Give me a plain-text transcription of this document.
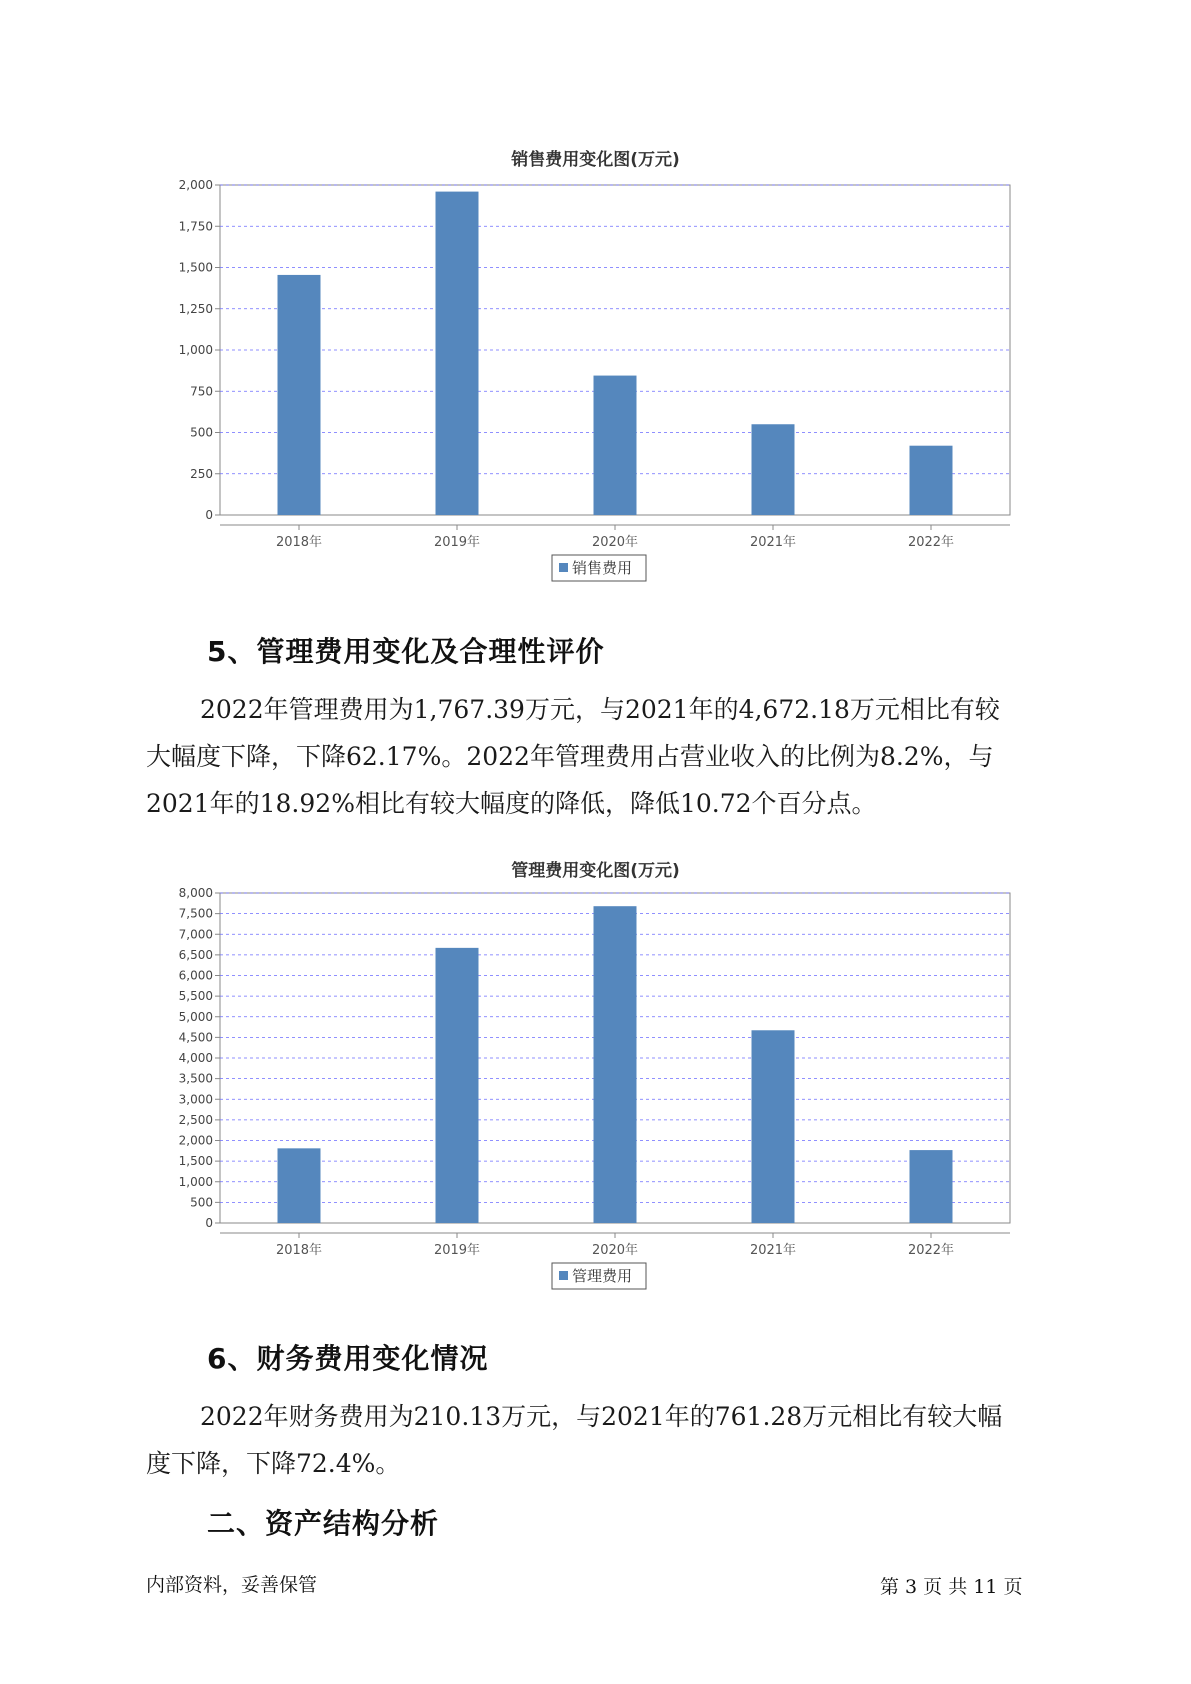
销售费用变化图(万元)
0
250
500
750
1,000
1,250
1,500
1,750
2,000
2018年	2019年	2020年	2021年	2022年
销售费用
5、管理费用变化及合理性评价
2022年管理费用为1,767.39万元，与2021年的4,672.18万元相比有较
大幅度下降，下降62.17%。2022年管理费用占营业收入的比例为8.2%，与
2021年的18.92%相比有较大幅度的降低，降低10.72个百分点。
管理费用变化图(万元)
0
500
1,000
1,500
2,000
2,500
3,000
3,500
4,000
4,500
5,000
5,500
6,000
6,500
7,000
7,500
8,000
2018年	2019年	2020年	2021年	2022年
管理费用
6、财务费用变化情况
2022年财务费用为210.13万元，与2021年的761.28万元相比有较大幅
度下降，下降72.4%。
二、资产结构分析
内部资料，妥善保管	第 3 页 共 11 页
